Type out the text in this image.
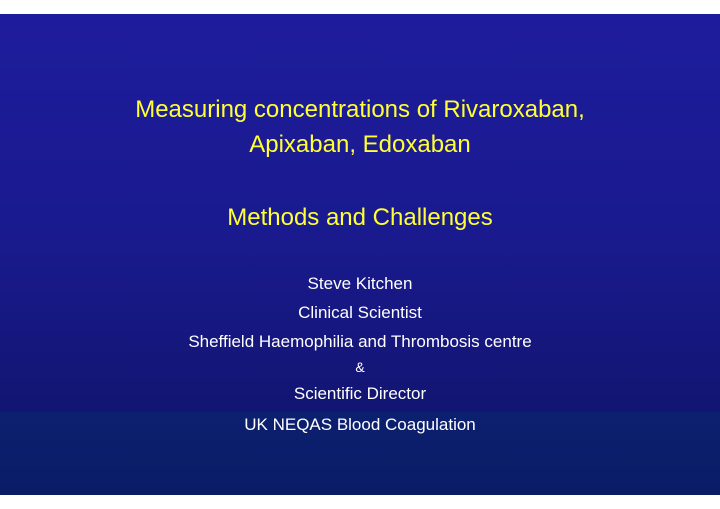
Measuring concentrations of Rivaroxaban,
Apixaban, Edoxaban
Methods and Challenges
Steve Kitchen
Clinical Scientist
Sheffield Haemophilia and Thrombosis centre
&
Scientific Director
UK NEQAS Blood Coagulation
